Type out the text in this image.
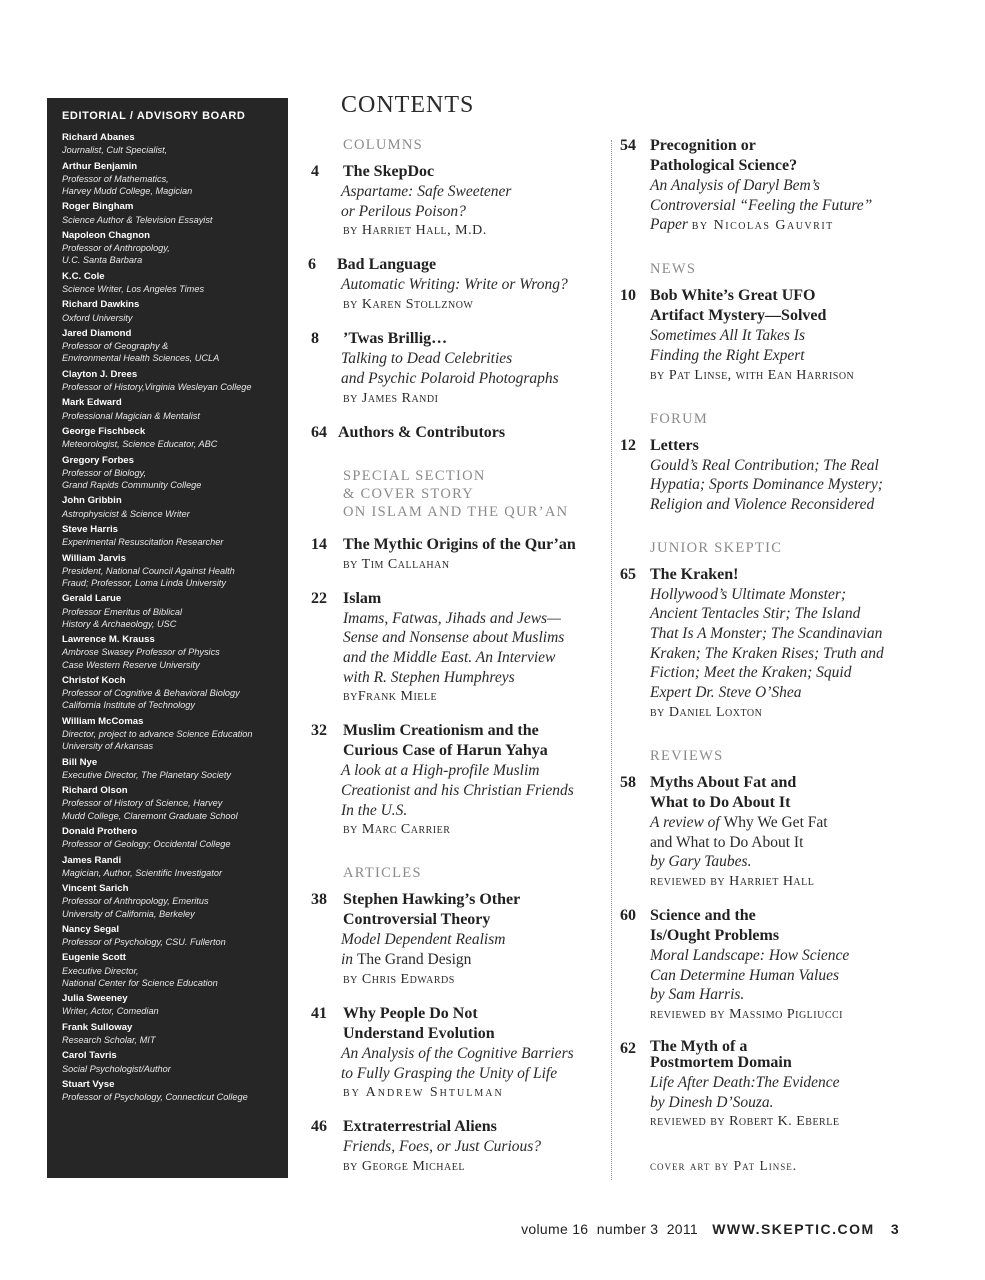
EDITORIAL / ADVISORY BOARD
Richard Abanes
Journalist, Cult Specialist,
Arthur Benjamin
Professor of Mathematics,
Harvey Mudd College, Magician
Roger Bingham
Science Author & Television Essayist
Napoleon Chagnon
Professor of Anthropology,
U.C. Santa Barbara
K.C. Cole
Science Writer, Los Angeles Times
Richard Dawkins
Oxford University
Jared Diamond
Professor of Geography &
Environmental Health Sciences, UCLA
Clayton J. Drees
Professor of History,Virginia Wesleyan College
Mark Edward
Professional Magician & Mentalist
George Fischbeck
Meteorologist, Science Educator, ABC
Gregory Forbes
Professor of Biology,
Grand Rapids Community College
John Gribbin
Astrophysicist & Science Writer
Steve Harris
Experimental Resuscitation Researcher
William Jarvis
President, National Council Against Health
Fraud; Professor, Loma Linda University
Gerald Larue
Professor Emeritus of Biblical
History & Archaeology, USC
Lawrence M. Krauss
Ambrose Swasey Professor of Physics
Case Western Reserve University
Christof Koch
Professor of Cognitive & Behavioral Biology
California Institute of Technology
William McComas
Director, project to advance Science Education
University of Arkansas
Bill Nye
Executive Director, The Planetary Society
Richard Olson
Professor of History of Science, Harvey
Mudd College, Claremont Graduate School
Donald Prothero
Professor of Geology; Occidental College
James Randi
Magician, Author, Scientific Investigator
Vincent Sarich
Professor of Anthropology, Emeritus
University of California, Berkeley
Nancy Segal
Professor of Psychology, CSU. Fullerton
Eugenie Scott
Executive Director,
National Center for Science Education
Julia Sweeney
Writer, Actor, Comedian
Frank Sulloway
Research Scholar, MIT
Carol Tavris
Social Psychologist/Author
Stuart Vyse
Professor of Psychology, Connecticut College
CONTENTS
COLUMNS
4 The SkepDoc
Aspartame: Safe Sweetener
or Perilous Poison?
by Harriet Hall, M.D.
6 Bad Language
Automatic Writing: Write or Wrong?
by Karen Stollznow
8 ’Twas Brillig…
Talking to Dead Celebrities
and Psychic Polaroid Photographs
by James Randi
64 Authors & Contributors
SPECIAL SECTION
& COVER STORY
ON ISLAM AND THE QUR’AN
14 The Mythic Origins of the Qur’an
by Tim Callahan
22 Islam
Imams, Fatwas, Jihads and Jews—
Sense and Nonsense about Muslims
and the Middle East. An Interview
with R. Stephen Humphreys
byFrank Miele
32 Muslim Creationism and the
Curious Case of Harun Yahya
A look at a High-profile Muslim
Creationist and his Christian Friends
In the U.S.
by Marc Carrier
ARTICLES
38 Stephen Hawking’s Other
Controversial Theory
Model Dependent Realism
in The Grand Design
by Chris Edwards
41 Why People Do Not
Understand Evolution
An Analysis of the Cognitive Barriers
to Fully Grasping the Unity of Life
by Andrew Shtulman
46 Extraterrestrial Aliens
Friends, Foes, or Just Curious?
by George Michael
54 Precognition or
Pathological Science?
An Analysis of Daryl Bem’s
Controversial “Feeling the Future”
Paper by Nicolas Gauvrit
NEWS
10 Bob White’s Great UFO
Artifact Mystery—Solved
Sometimes All It Takes Is
Finding the Right Expert
by Pat Linse, with Ean Harrison
FORUM
12 Letters
Gould’s Real Contribution; The Real
Hypatia; Sports Dominance Mystery;
Religion and Violence Reconsidered
JUNIOR SKEPTIC
65 The Kraken!
Hollywood’s Ultimate Monster;
Ancient Tentacles Stir; The Island
That Is A Monster; The Scandinavian
Kraken; The Kraken Rises; Truth and
Fiction; Meet the Kraken; Squid
Expert Dr. Steve O’Shea
by Daniel Loxton
REVIEWS
58 Myths About Fat and
What to Do About It
A review of Why We Get Fat
and What to Do About It
by Gary Taubes.
reviewed by Harriet Hall
60 Science and the
Is/Ought Problems
Moral Landscape: How Science
Can Determine Human Values
by Sam Harris.
reviewed by Massimo Pigliucci
62 The Myth of a
Postmortem Domain
Life After Death:The Evidence
by Dinesh D’Souza.
reviewed by Robert K. Eberle
cover art by Pat Linse.
volume 16  number 3  2011 WWW.SKEPTIC.COM 3
